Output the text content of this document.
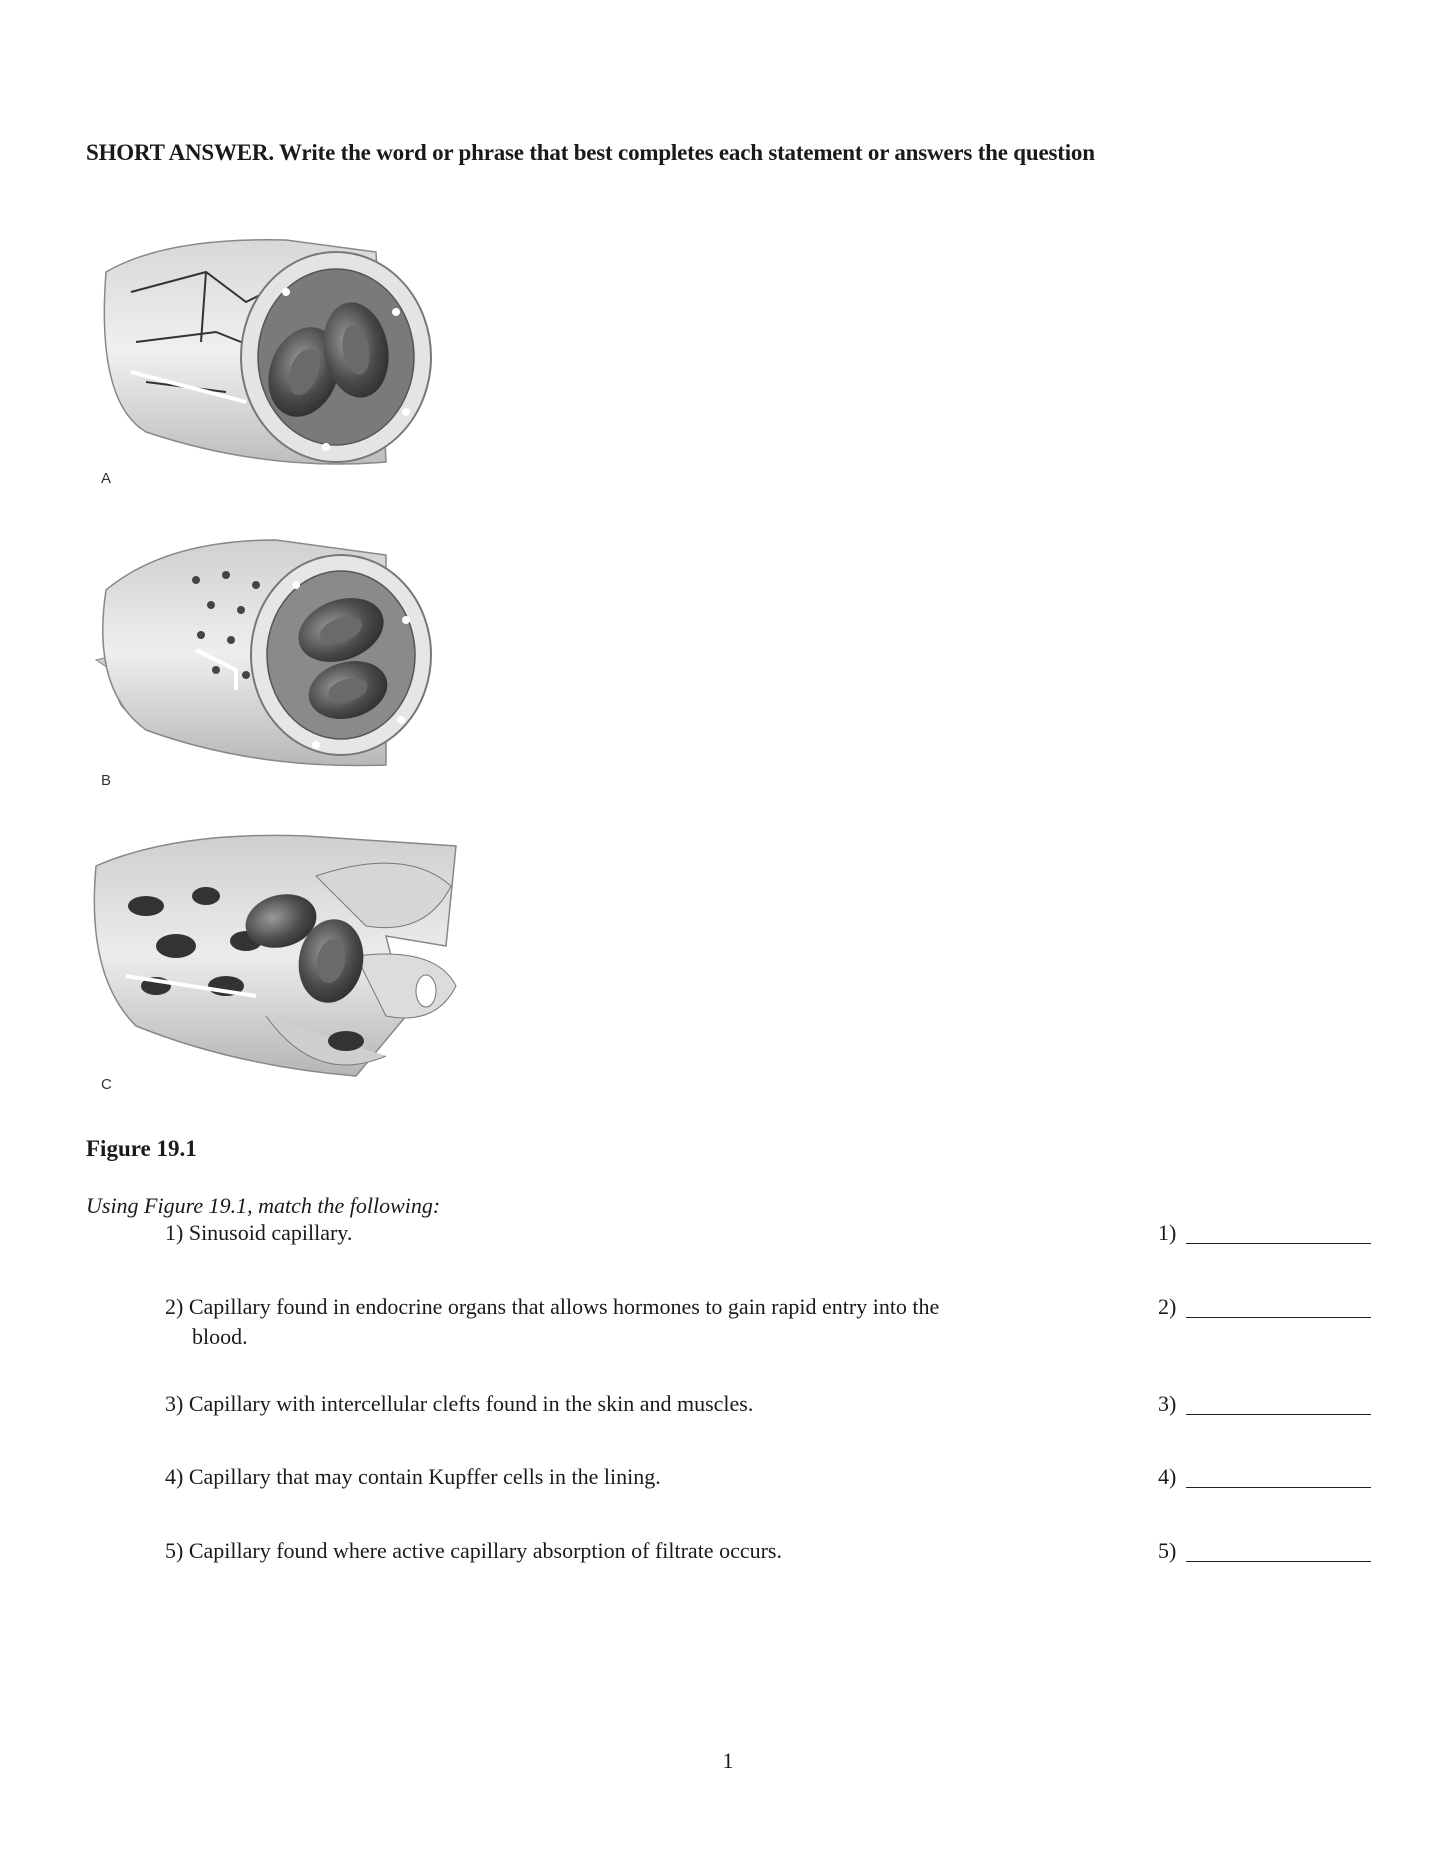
SHORT ANSWER. Write the word or phrase that best completes each statement or answers the question
A
B
C
Figure 19.1
Using Figure 19.1, match the following:
1) Sinusoid capillary.	1)
2) Capillary found in endocrine organs that allows hormones to gain rapid entry into the
blood.
2)
3) Capillary with intercellular clefts found in the skin and muscles.	3)
4) Capillary that may contain Kupffer cells in the lining.	4)
5) Capillary found where active capillary absorption of filtrate occurs.	5)
1
